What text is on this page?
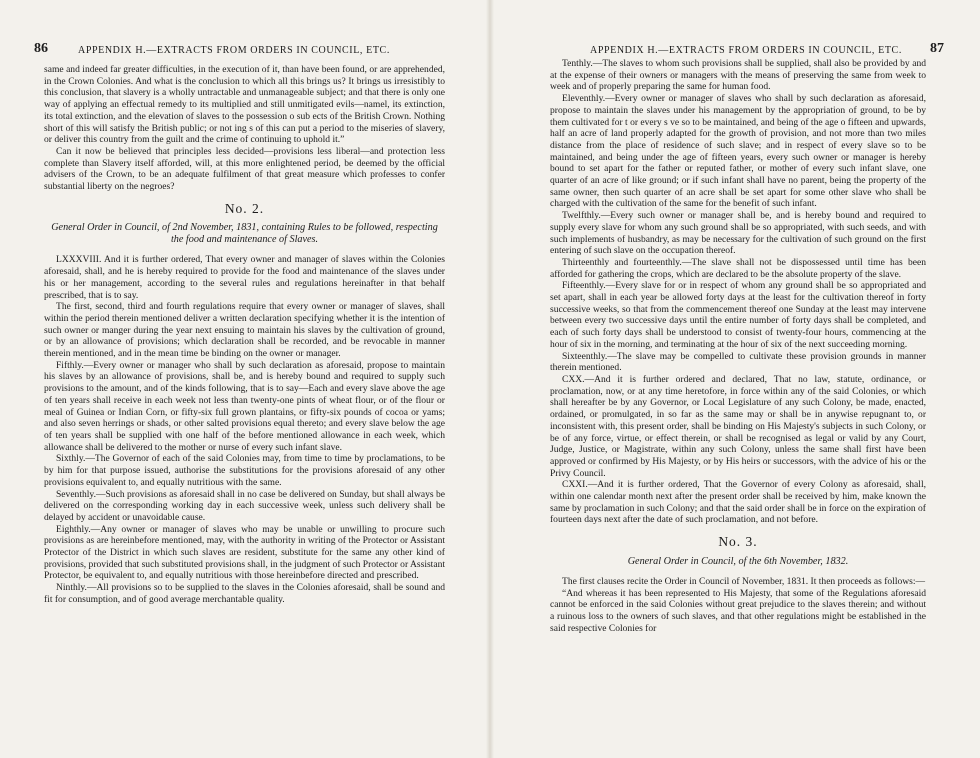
86	APPENDIX H.—EXTRACTS FROM ORDERS IN COUNCIL, ETC.

same and indeed far greater difficulties, in the execution of it, than have been found, or are apprehended, in the Crown Colonies. And what is the conclusion to which all this brings us? It brings us irresistibly to this conclusion, that slavery is a wholly untractable and unmanageable subject; and that there is only one way of applying an effectual remedy to its multiplied and still unmitigated evils—namel, its extinction, its total extinction, and the elevation of slaves to the possession o sub ects of the British Crown. Nothing short of this will satisfy the British public; or not ing s of this can put a period to the miseries of slavery, or deliver this country from the guilt and the crime of continuing to uphold it.”

Can it now be believed that principles less decided—provisions less liberal—and protection less complete than Slavery itself afforded, will, at this more enlightened period, be deemed by the official advisers of the Crown, to be an adequate fulfilment of that great measure which professes to confer substantial liberty on the negroes?

No. 2.
General Order in Council, of 2nd November, 1831, containing Rules to be followed, respecting the food and maintenance of Slaves.

LXXXVIII. And it is further ordered, That every owner and manager of slaves within the Colonies aforesaid, shall, and he is hereby required to provide for the food and maintenance of the slaves under his or her management, according to the several rules and regulations hereinafter in that behalf prescribed, that is to say.

The first, second, third and fourth regulations require that every owner or manager of slaves, shall within the period therein mentioned deliver a written declaration specifying whether it is the intention of such owner or manger during the year next ensuing to maintain his slaves by the cultivation of ground, or by an allowance of provisions; which declaration shall be recorded, and be revocable in manner therein mentioned, and in the mean time be binding on the owner or manager.

Fifthly.—Every owner or manager who shall by such declaration as aforesaid, propose to maintain his slaves by an allowance of provisions, shall be, and is hereby bound and required to supply such provisions to the amount, and of the kinds following, that is to say—Each and every slave above the age of ten years shall receive in each week not less than twenty-one pints of wheat flour, or of the flour or meal of Guinea or Indian Corn, or fifty-six full grown plantains, or fifty-six pounds of cocoa or yams; and also seven herrings or shads, or other salted provisions equal thereto; and every slave below the age of ten years shall be supplied with one half of the before mentioned allowance in each week, which allowance shall be delivered to the mother or nurse of every such infant slave.

Sixthly.—The Governor of each of the said Colonies may, from time to time by proclamations, to be by him for that purpose issued, authorise the substitutions for the provisions aforesaid of any other provisions equivalent to, and equally nutritious with the same.

Seventhly.—Such provisions as aforesaid shall in no case be delivered on Sunday, but shall always be delivered on the corresponding working day in each successive week, unless such delivery shall be delayed by accident or unavoidable cause.

Eighthly.—Any owner or manager of slaves who may be unable or unwilling to procure such provisions as are hereinbefore mentioned, may, with the authority in writing of the Protector or Assistant Protector of the District in which such slaves are resident, substitute for the same any other kind of provisions, provided that such substituted provisions shall, in the judgment of such Protector or Assistant Protector, be equivalent to, and equally nutritious with those hereinbefore directed and prescribed.

Ninthly.—All provisions so to be supplied to the slaves in the Colonies aforesaid, shall be sound and fit for consumption, and of good average merchantable quality.

APPENDIX H.—EXTRACTS FROM ORDERS IN COUNCIL, ETC. 87

Tenthly.—The slaves to whom such provisions shall be supplied, shall also be provided by and at the expense of their owners or managers with the means of preserving the same from week to week and of properly preparing the same for human food.

Eleventhly.—Every owner or manager of slaves who shall by such declaration as aforesaid, propose to maintain the slaves under his management by the appropriation of ground, to be by them cultivated for t or every s ve so to be maintained, and being of the age o fifteen and upwards, half an acre of land properly adapted for the growth of provision, and not more than two miles distance from the place of residence of such slave; and in respect of every slave so to be maintained, and being under the age of fifteen years, every such owner or manager is hereby bound to set apart for the father or reputed father, or mother of every such infant slave, one quarter of an acre of like ground; or if such infant shall have no parent, being the property of the same owner, then such quarter of an acre shall be set apart for some other slave who shall be charged with the cultivation of the same for the benefit of such infant.

Twelfthly.—Every such owner or manager shall be, and is hereby bound and required to supply every slave for whom any such ground shall be so appropriated, with such seeds, and with such implements of husbandry, as may be necessary for the cultivation of such ground on the first entering of such slave on the occupation thereof.

Thirteenthly and fourteenthly.—The slave shall not be dispossessed until time has been afforded for gathering the crops, which are declared to be the absolute property of the slave.

Fifteenthly.—Every slave for or in respect of whom any ground shall be so appropriated and set apart, shall in each year be allowed forty days at the least for the cultivation thereof in forty successive weeks, so that from the commencement thereof one Sunday at the least may intervene between every two successive days until the entire number of forty days shall be completed, and each of such forty days shall be understood to consist of twenty-four hours, commencing at the hour of six in the morning, and terminating at the hour of six of the next succeeding morning.

Sixteenthly.—The slave may be compelled to cultivate these provision grounds in manner therein mentioned.

CXX.—And it is further ordered and declared, That no law, statute, ordinance, or proclamation, now, or at any time heretofore, in force within any of the said Colonies, or which shall hereafter be by any Governor, or Local Legislature of any such Colony, be made, enacted, ordained, or promulgated, in so far as the same may or shall be in anywise repugnant to, or inconsistent with, this present order, shall be binding on His Majesty's subjects in such Colony, or be of any force, virtue, or effect therein, or shall be recognised as legal or valid by any Court, Judge, Justice, or Magistrate, within any such Colony, unless the same shall first have been approved or confirmed by His Majesty, or by His heirs or successors, with the advice of his or the Privy Council.

CXXI.—And it is further ordered, That the Governor of every Colony as aforesaid, shall, within one calendar month next after the present order shall be received by him, make known the same by proclamation in such Colony; and that the said order shall be in force on the expiration of fourteen days next after the date of such proclamation, and not before.

No. 3.
General Order in Council, of the 6th November, 1832.

The first clauses recite the Order in Council of November, 1831. It then proceeds as follows:—

“And whereas it has been represented to His Majesty, that some of the Regulations aforesaid cannot be enforced in the said Colonies without great prejudice to the slaves therein; and without a ruinous loss to the owners of such slaves, and that other regulations might be established in the said respective Colonies for
